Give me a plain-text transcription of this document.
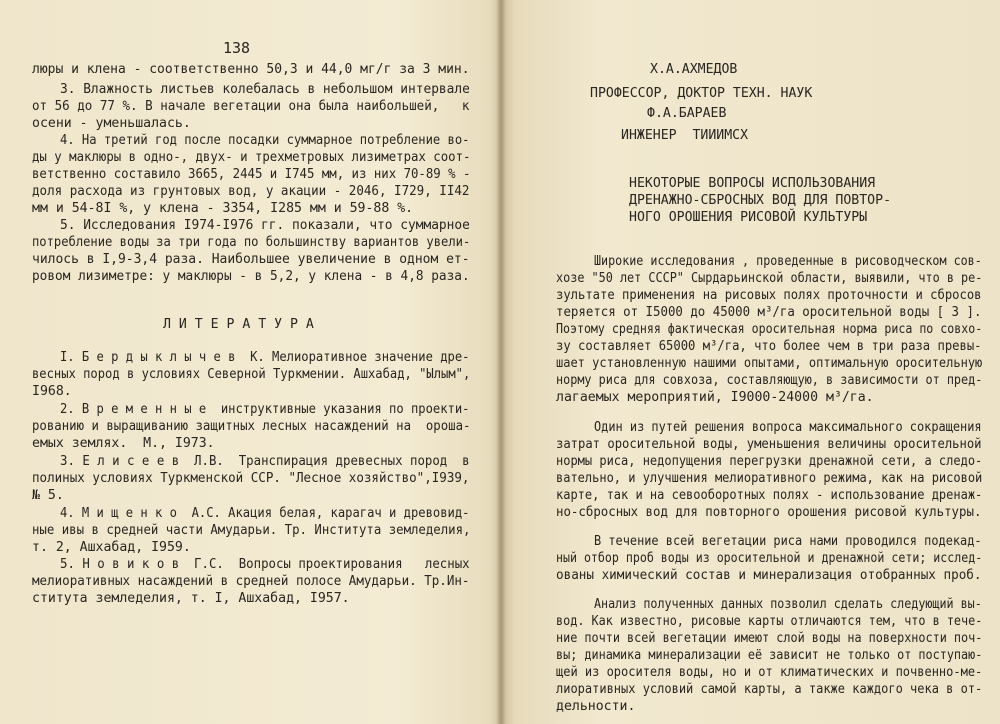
138
люры и клена - соответственно 50,3 и 44,0 мг/г за 3 мин.
3. Влажность листьев колебалась в небольшом интервале
от 56 до 77 %. В начале вегетации она была наибольшей,   к
осени - уменьшалась.
4. На третий год после посадки суммарное потребление во-
ды у маклюры в одно-, двух- и трехметровых лизиметрах соот-
ветственно составило 3665, 2445 и I745 мм, из них 70-89 % -
доля расхода из грунтовых вод, у акации - 2046, I729, II42
мм и 54-8I %, у клена - 3354, I285 мм и 59-88 %.
5. Исследования I974-I976 гг. показали, что суммарное
потребление воды за три года по большинству вариантов увели-
чилось в I,9-3,4 раза. Наибольшее увеличение в одном ет-
ровом лизиметре: у маклюры - в 5,2, у клена - в 4,8 раза.
Л И Т Е Р А Т У Р А
I. Б е р д ы к л ы ч е в  К. Мелиоративное значение дре-
весных пород в условиях Северной Туркмении. Ашхабад, "Ылым",
I968.
2. В р е м е н н ы е  инструктивные указания по проекти-
рованию и выращиванию защитных лесных насаждений на  ороша-
емых землях.  М., I973.
3. Е л и с е е в  Л.В.  Транспирация древесных пород  в
полиных условиях Туркменской ССР. "Лесное хозяйство",I939,
№ 5.
4. М и щ е н к о  А.С. Акация белая, карагач и древовид-
ные ивы в средней части Амударьи. Тр. Института земледелия,
т. 2, Ашхабад, I959.
5. Н о в и к о в  Г.С.  Вопросы проектирования   лесных
мелиоративных насаждений в средней полосе Амударьи. Тр.Ин-
ститута земледелия, т. I, Ашхабад, I957.
Х.А.АХМЕДОВ
ПРОФЕССОР, ДОКТОР ТЕХН. НАУК
Ф.А.БАРАЕВ
ИНЖЕНЕР  ТИИИМСХ
НЕКОТОРЫЕ ВОПРОСЫ ИСПОЛЬЗОВАНИЯ
ДРЕНАЖНО-СБРОСНЫХ ВОД ДЛЯ ПОВТОР-
НОГО ОРОШЕНИЯ РИСОВОЙ КУЛЬТУРЫ
Широкие исследования , проведенные в рисоводческом сов-
хозе "50 лет СССР" Сырдарьинской области, выявили, что в ре-
зультате применения на рисовых полях проточности и сбросов
теряется от I5000 до 45000 м³/га оросительной воды [ 3 ].
Поэтому средняя фактическая оросительная норма риса по совхо-
зу составляет 65000 м³/га, что более чем в три раза превы-
шает установленную нашими опытами, оптимальную оросительную
норму риса для совхоза, составляющую, в зависимости от пред-
лагаемых мероприятий, I9000-24000 м³/га.
Один из путей решения вопроса максимального сокращения
затрат оросительной воды, уменьшения величины оросительной
нормы риса, недопущения перегрузки дренажной сети, а следо-
вательно, и улучшения мелиоративного режима, как на рисовой
карте, так и на севооборотных полях - использование дренаж-
но-сбросных вод для повторного орошения рисовой культуры.
В течение всей вегетации риса нами проводился подекад-
ный отбор проб воды из оросительной и дренажной сети; исслед-
ованы химический состав и минерализация отобранных проб.
Анализ полученных данных позволил сделать следующий вы-
вод. Как известно, рисовые карты отличаются тем, что в тече-
ние почти всей вегетации имеют слой воды на поверхности поч-
вы; динамика минерализации её зависит не только от поступаю-
щей из оросителя воды, но и от климатических и почвенно-ме-
лиоративных условий самой карты, а также каждого чека в от-
дельности.
